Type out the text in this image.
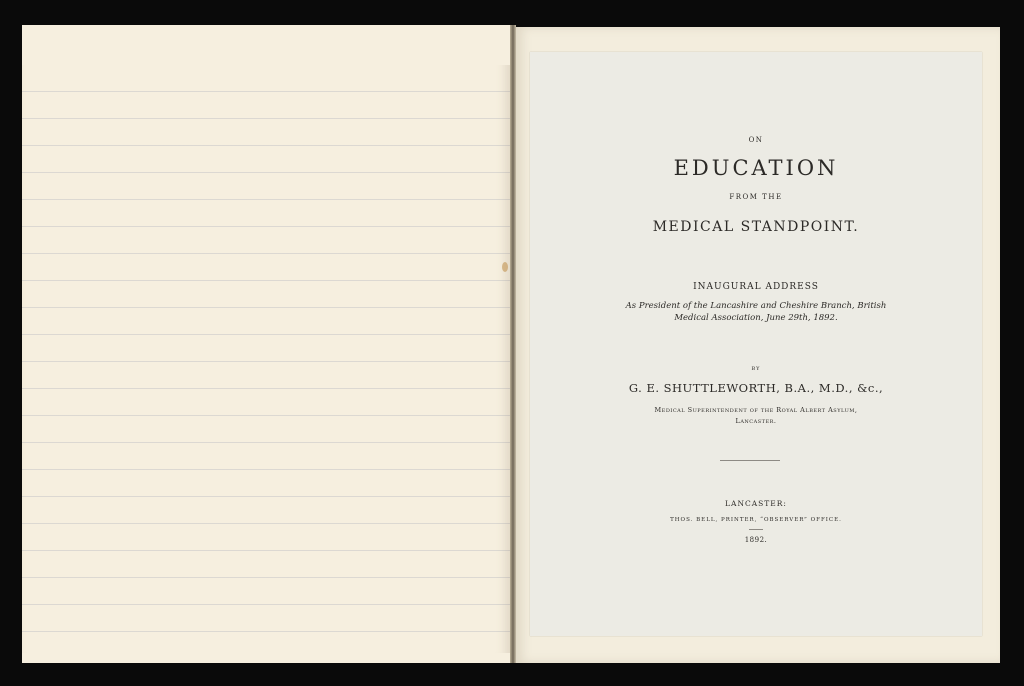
ON

EDUCATION

FROM THE

MEDICAL STANDPOINT.

INAUGURAL ADDRESS

As President of the Lancashire and Cheshire Branch, British
Medical Association, June 29th, 1892.

BY

G. E. SHUTTLEWORTH, B.A., M.D., &c.,

Medical Superintendent of the Royal Albert Asylum,
Lancaster.

LANCASTER:

THOS. BELL, PRINTER, “OBSERVER” OFFICE.

1892.
